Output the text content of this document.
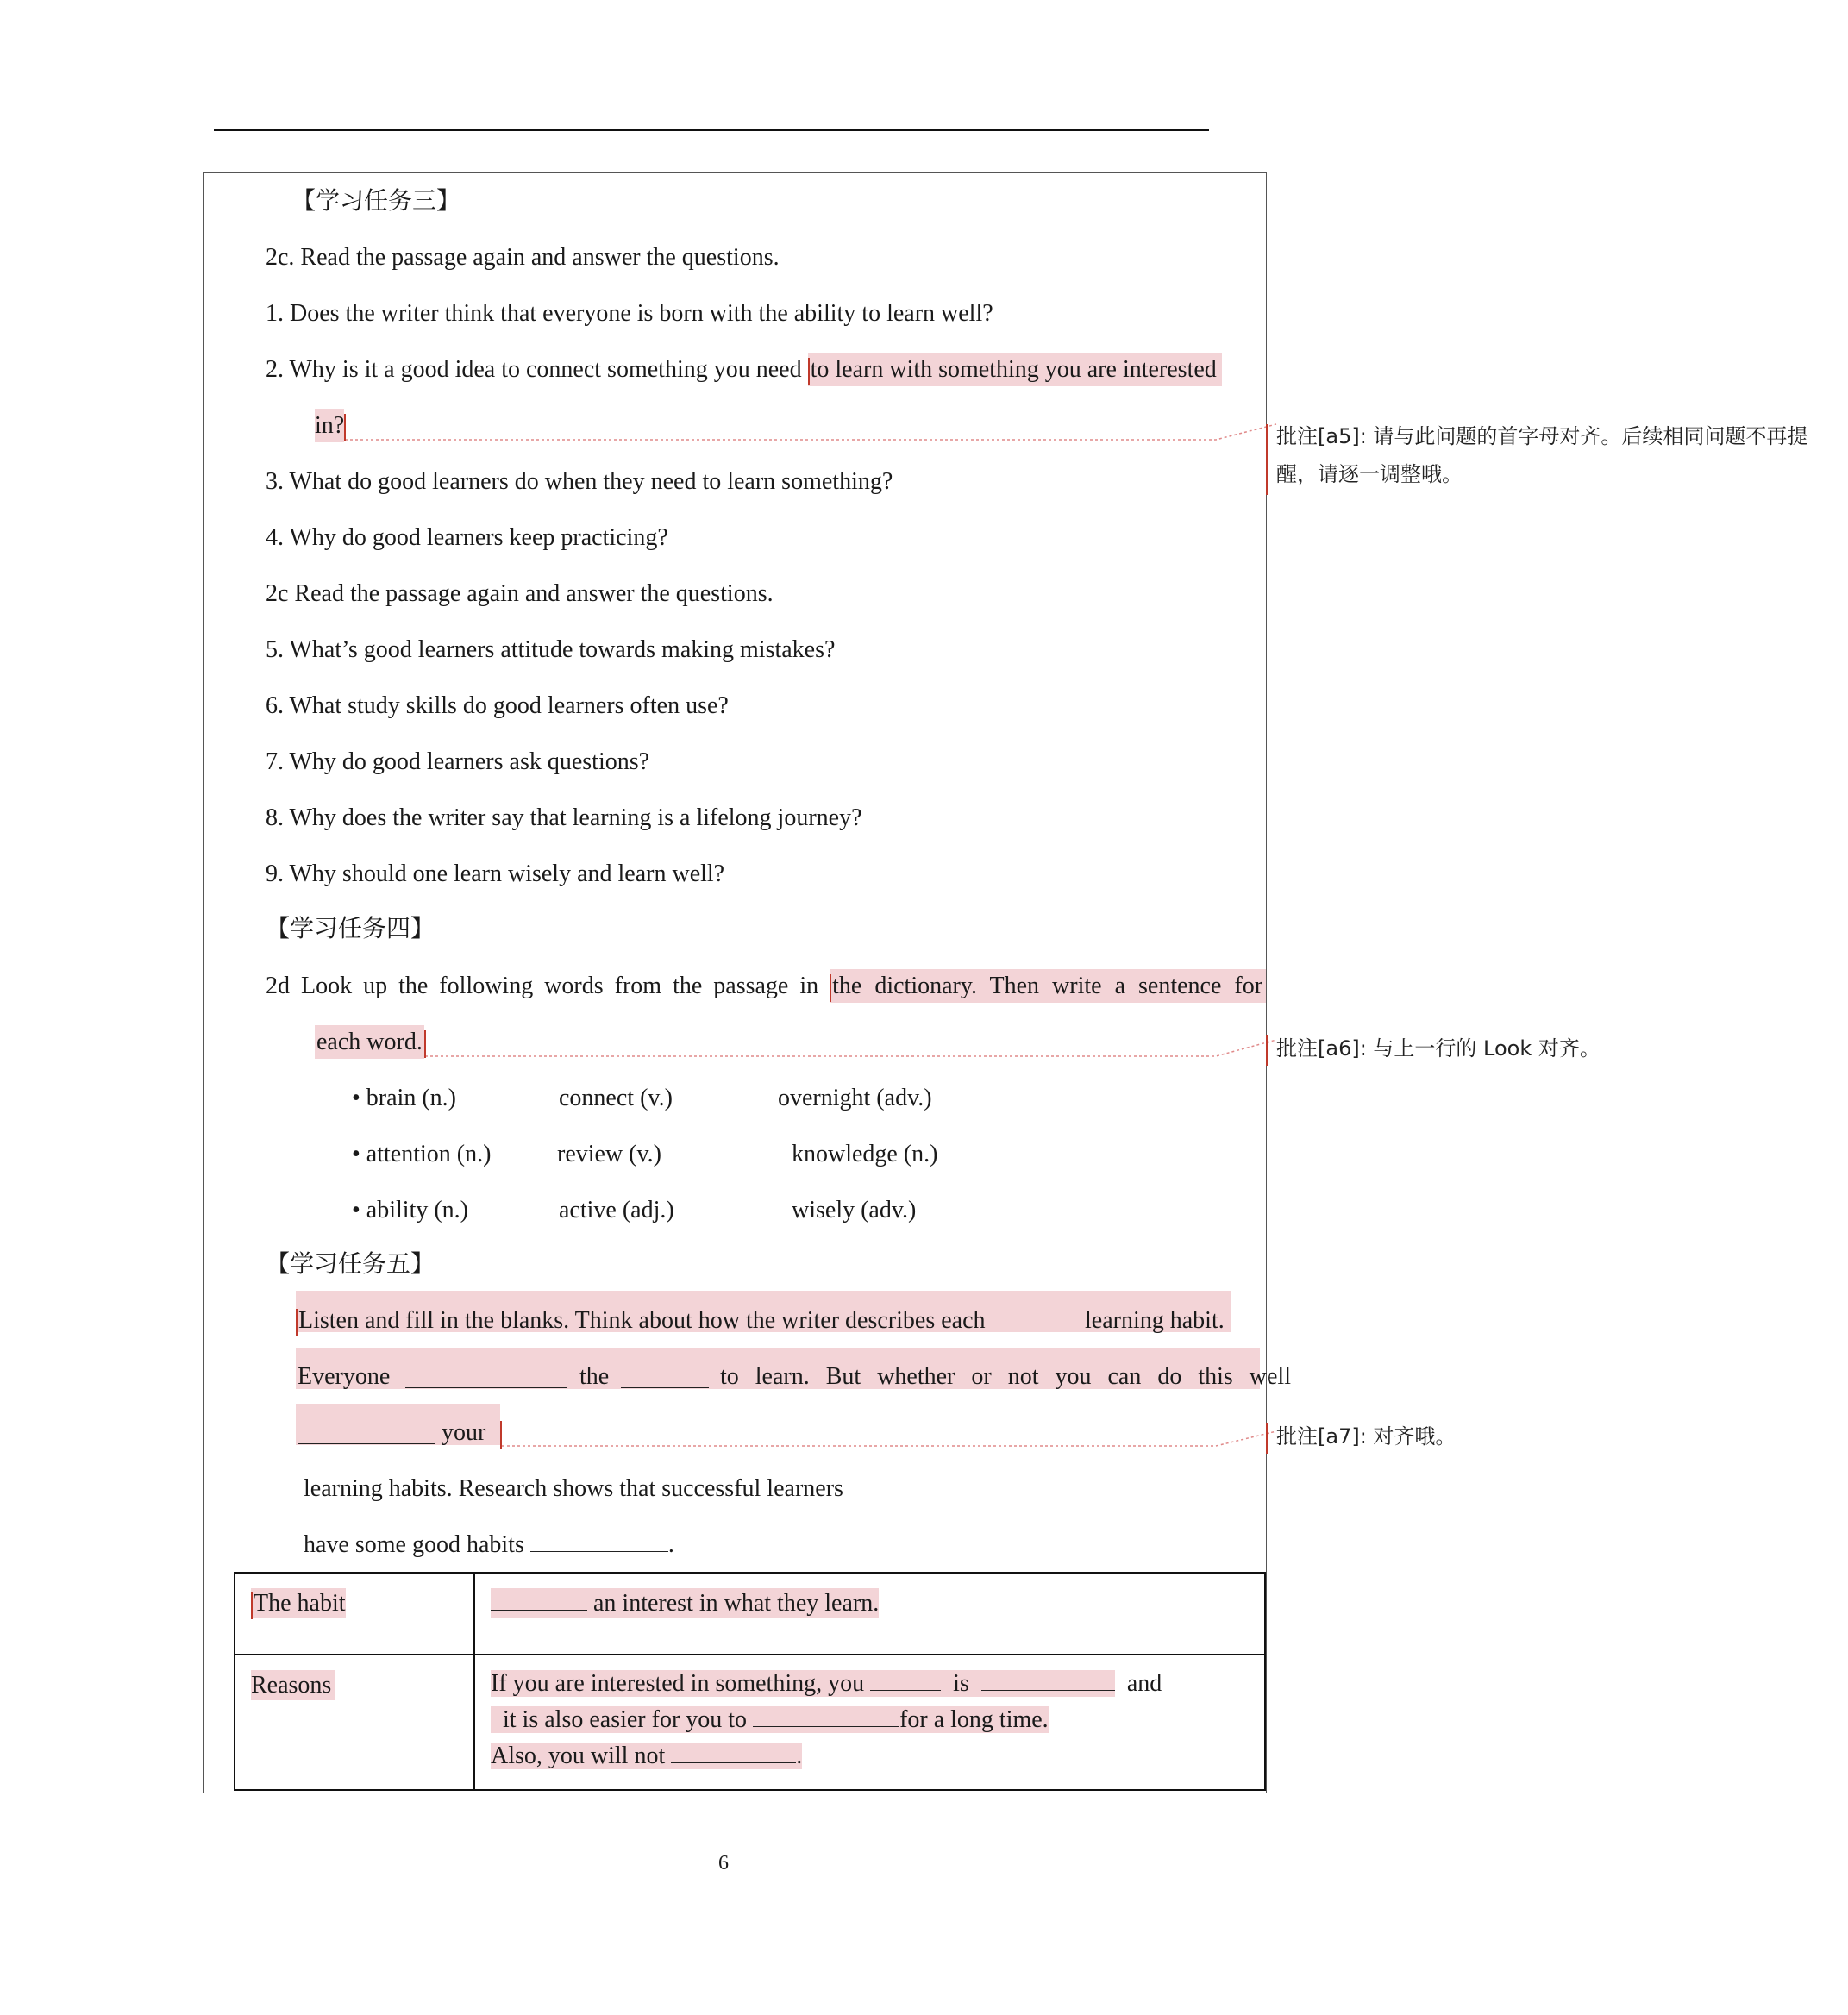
【学习任务三】
2c. Read the passage again and answer the questions.
1. Does the writer think that everyone is born with the ability to learn well?
2. Why is it a good idea to connect something you need to learn with something you are interested
in?
3. What do good learners do when they need to learn something?
4. Why do good learners keep practicing?
2c Read the passage again and answer the questions.
5. What’s good learners attitude towards making mistakes?
6. What study skills do good learners often use?
7. Why do good learners ask questions?
8. Why does the writer say that learning is a lifelong journey?
9. Why should one learn wisely and learn well?
【学习任务四】
2d Look up the following words from the passage in the dictionary. Then write a sentence for
each word.
• brain (n.)	connect (v.)	overnight (adv.)
• attention (n.)	review (v.)	knowledge (n.)
• ability (n.)	active (adj.)	wisely (adv.)
【学习任务五】
Listen and fill in the blanks. Think about how the writer describes each	learning habit.
Everyone	the	to learn. But whether or not you can do this well
your
learning habits. Research shows that successful learners
have some good habits	.
The habit	an interest in what they learn.
Reasons	If you are interested in something, you is and
it is also easier for you to for a long time.
Also, you will not .
批注[a5]: 请与此问题的首字母对齐。后续相同问题不再提
醒，请逐一调整哦。
批注[a6]: 与上一行的 Look 对齐。
批注[a7]: 对齐哦。
6
